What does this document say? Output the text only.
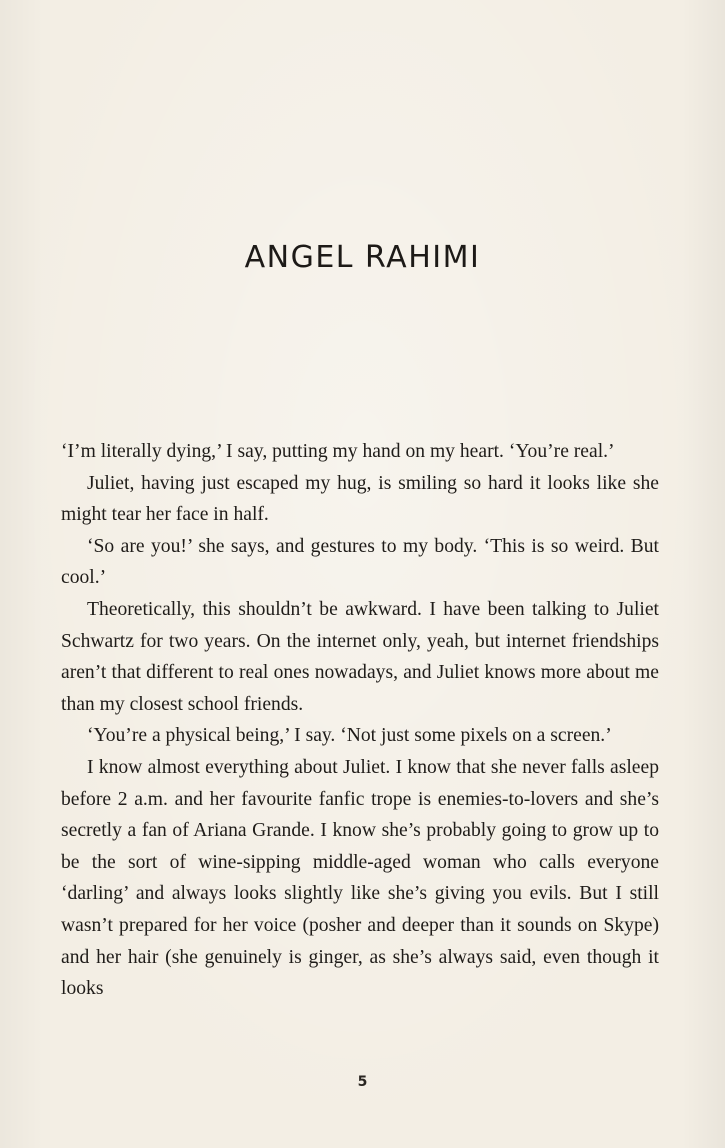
ANGEL RAHIMI

‘I’m literally dying,’ I say, putting my hand on my heart. ‘You’re real.’

Juliet, having just escaped my hug, is smiling so hard it looks like she might tear her face in half.

‘So are you!’ she says, and gestures to my body. ‘This is so weird. But cool.’

Theoretically, this shouldn’t be awkward. I have been talking to Juliet Schwartz for two years. On the internet only, yeah, but internet friendships aren’t that different to real ones nowadays, and Juliet knows more about me than my closest school friends.

‘You’re a physical being,’ I say. ‘Not just some pixels on a screen.’

I know almost everything about Juliet. I know that she never falls asleep before 2 a.m. and her favourite fanfic trope is enemies-to-lovers and she’s secretly a fan of Ariana Grande. I know she’s probably going to grow up to be the sort of wine-sipping middle-aged woman who calls everyone ‘darling’ and always looks slightly like she’s giving you evils. But I still wasn’t prepared for her voice (posher and deeper than it sounds on Skype) and her hair (she genuinely is ginger, as she’s always said, even though it looks

5
